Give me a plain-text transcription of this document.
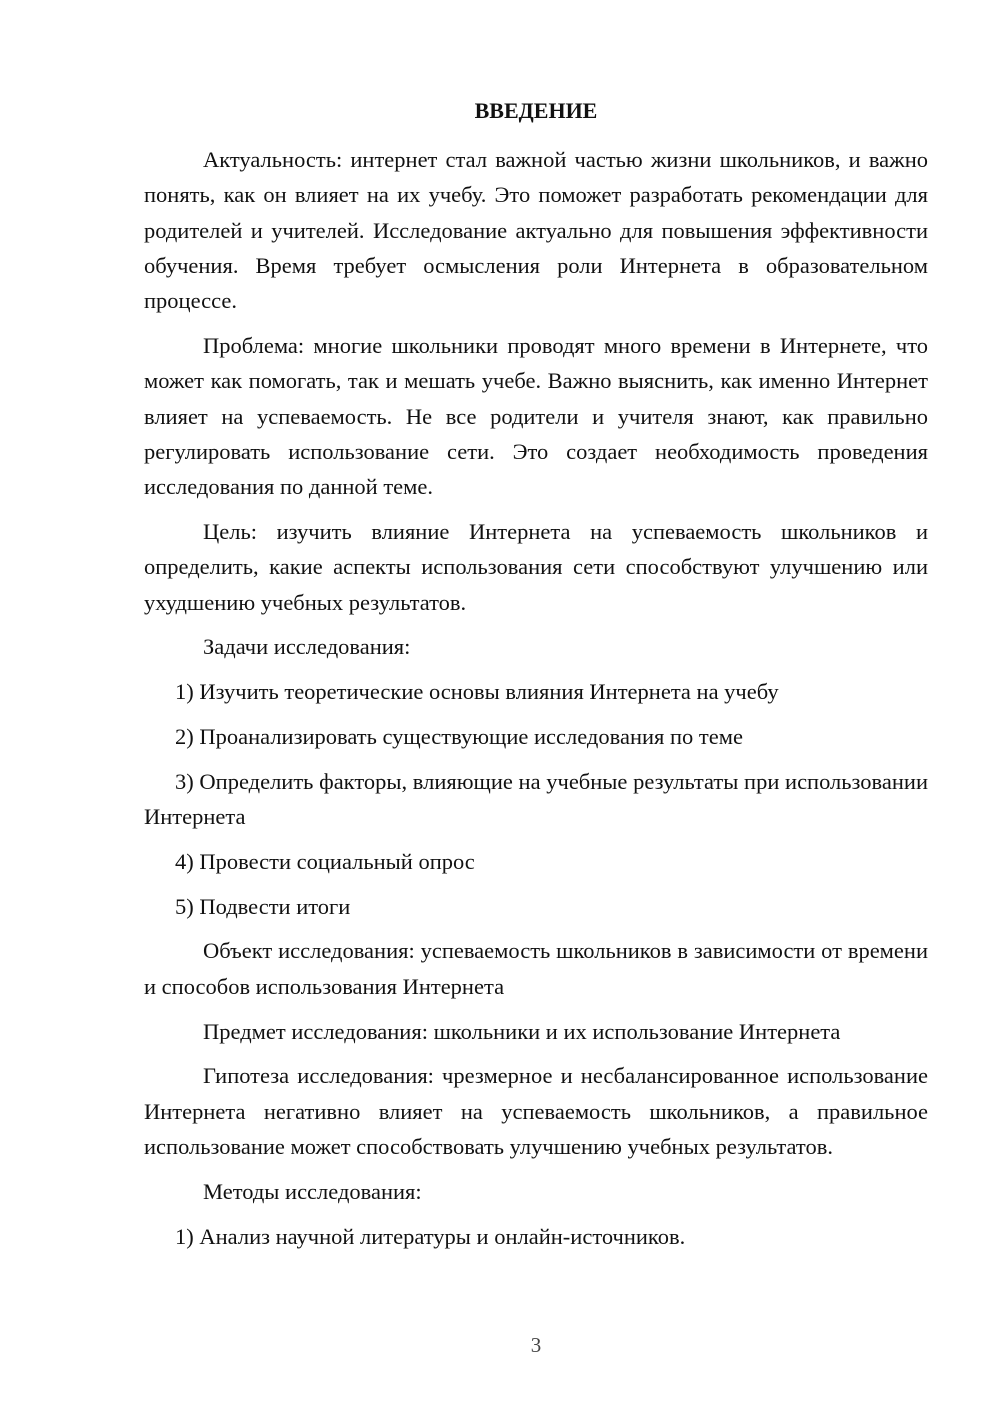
ВВЕДЕНИЕ

Актуальность: интернет стал важной частью жизни школьников, и важно понять, как он влияет на их учебу. Это поможет разработать рекомендации для родителей и учителей. Исследование актуально для повышения эффективности обучения. Время требует осмысления роли Интернета в образовательном процессе.

Проблема: многие школьники проводят много времени в Интернете, что может как помогать, так и мешать учебе. Важно выяснить, как именно Интернет влияет на успеваемость. Не все родители и учителя знают, как правильно регулировать использование сети. Это создает необходимость проведения исследования по данной теме.

Цель: изучить влияние Интернета на успеваемость школьников и определить, какие аспекты использования сети способствуют улучшению или ухудшению учебных результатов.

Задачи исследования:

1) Изучить теоретические основы влияния Интернета на учебу

2) Проанализировать существующие исследования по теме

3) Определить факторы, влияющие на учебные результаты при использовании Интернета

4) Провести социальный опрос

5) Подвести итоги

Объект исследования: успеваемость школьников в зависимости от времени и способов использования Интернета

Предмет исследования: школьники и их использование Интернета

Гипотеза исследования: чрезмерное и несбалансированное использование Интернета негативно влияет на успеваемость школьников, а правильное использование может способствовать улучшению учебных результатов.

Методы исследования:

1) Анализ научной литературы и онлайн-источников.

3
